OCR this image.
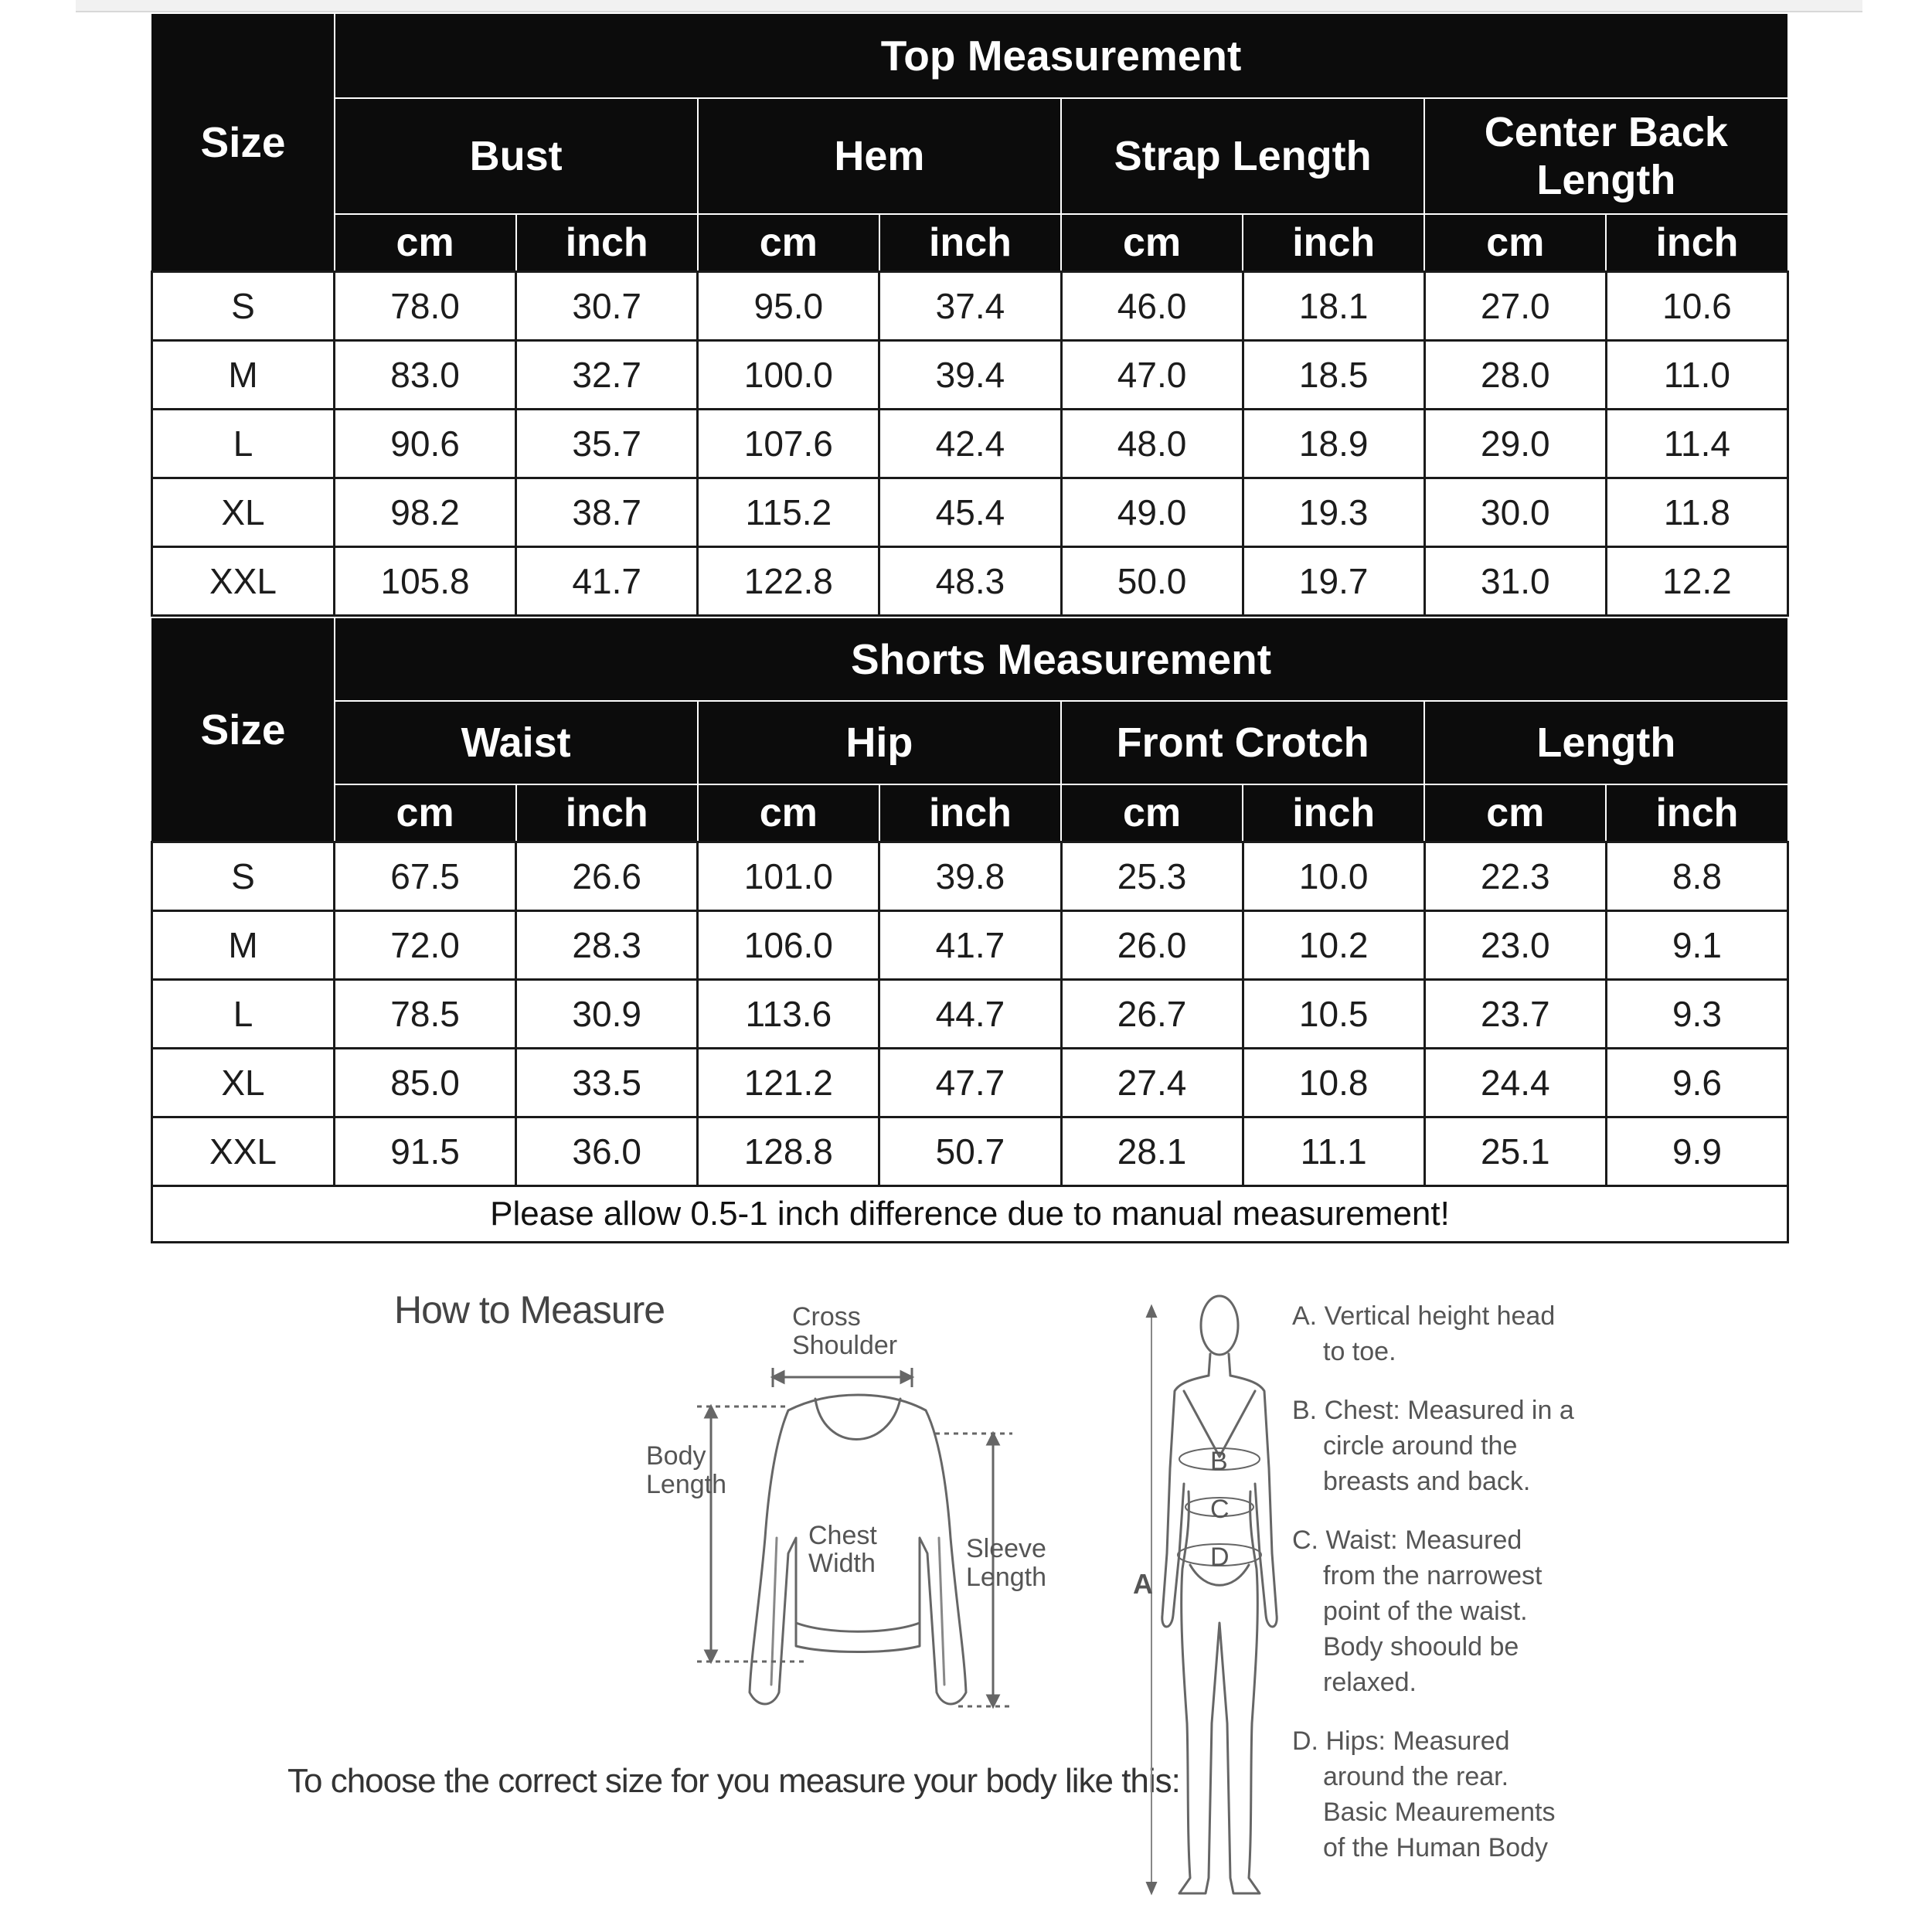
Size	Top Measurement							
	Bust		Hem		Strap Length		Center Back Length	
	cm	inch	cm	inch	cm	inch	cm	inch
S	78.0	30.7	95.0	37.4	46.0	18.1	27.0	10.6
M	83.0	32.7	100.0	39.4	47.0	18.5	28.0	11.0
L	90.6	35.7	107.6	42.4	48.0	18.9	29.0	11.4
XL	98.2	38.7	115.2	45.4	49.0	19.3	30.0	11.8
XXL	105.8	41.7	122.8	48.3	50.0	19.7	31.0	12.2
Size	Shorts Measurement							
	Waist		Hip		Front Crotch		Length	
	cm	inch	cm	inch	cm	inch	cm	inch
S	67.5	26.6	101.0	39.8	25.3	10.0	22.3	8.8
M	72.0	28.3	106.0	41.7	26.0	10.2	23.0	9.1
L	78.5	30.9	113.6	44.7	26.7	10.5	23.7	9.3
XL	85.0	33.5	121.2	47.7	27.4	10.8	24.4	9.6
XXL	91.5	36.0	128.8	50.7	28.1	11.1	25.1	9.9
Please allow 0.5-1 inch difference due to manual measurement!
How to Measure	Cross
Shoulder
Body
Length
Chest
Width	Sleeve
Length
To choose the correct size for you measure your body like this:
A
B
C
D
A. Vertical height head
to toe.
B. Chest: Measured in a
circle around the
breasts and back.
C. Waist: Measured
from the narrowest
point of the waist.
Body shoould be
relaxed.
D. Hips: Measured
around the rear.
Basic Meaurements
of the Human Body
